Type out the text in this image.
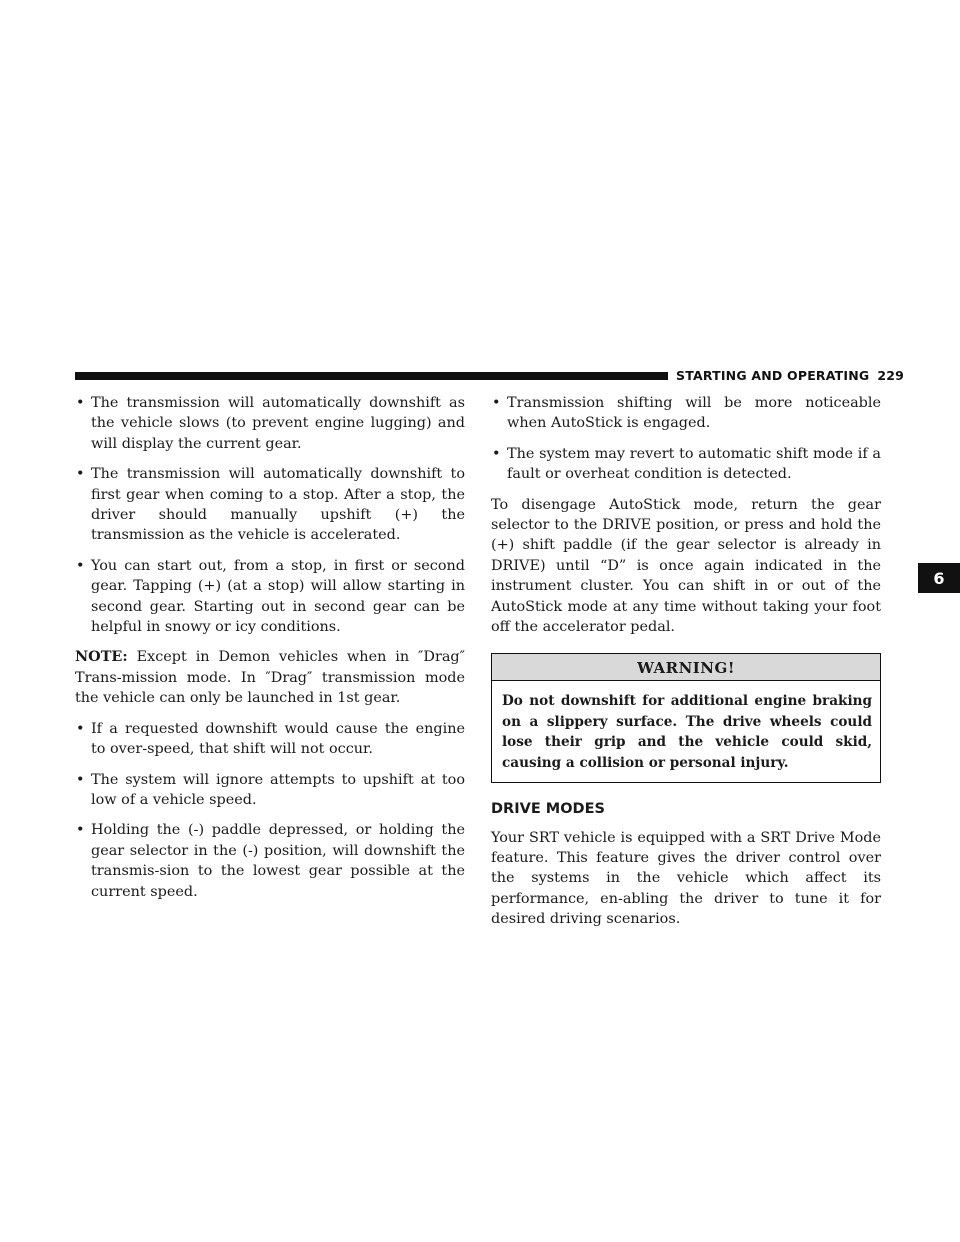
STARTING AND OPERATING 229
6
• The transmission will automatically downshift as the vehicle slows (to prevent engine lugging) and will display the current gear.
• The transmission will automatically downshift to first gear when coming to a stop. After a stop, the driver should manually upshift (+) the transmission as the vehicle is accelerated.
• You can start out, from a stop, in first or second gear. Tapping (+) (at a stop) will allow starting in second gear. Starting out in second gear can be helpful in snowy or icy conditions.

NOTE: Except in Demon vehicles when in ″Drag″ Trans-mission mode. In ″Drag″ transmission mode the vehicle can only be launched in 1st gear.

• If a requested downshift would cause the engine to over-speed, that shift will not occur.
• The system will ignore attempts to upshift at too low of a vehicle speed.
• Holding the (-) paddle depressed, or holding the gear selector in the (-) position, will downshift the transmis-sion to the lowest gear possible at the current speed.
• Transmission shifting will be more noticeable when AutoStick is engaged.
• The system may revert to automatic shift mode if a fault or overheat condition is detected.

To disengage AutoStick mode, return the gear selector to the DRIVE position, or press and hold the (+) shift paddle (if the gear selector is already in DRIVE) until “D” is once again indicated in the instrument cluster. You can shift in or out of the AutoStick mode at any time without taking your foot off the accelerator pedal.

WARNING!
Do not downshift for additional engine braking on a slippery surface. The drive wheels could lose their grip and the vehicle could skid, causing a collision or personal injury.
DRIVE MODES

Your SRT vehicle is equipped with a SRT Drive Mode feature. This feature gives the driver control over the systems in the vehicle which affect its performance, en-abling the driver to tune it for desired driving scenarios.
